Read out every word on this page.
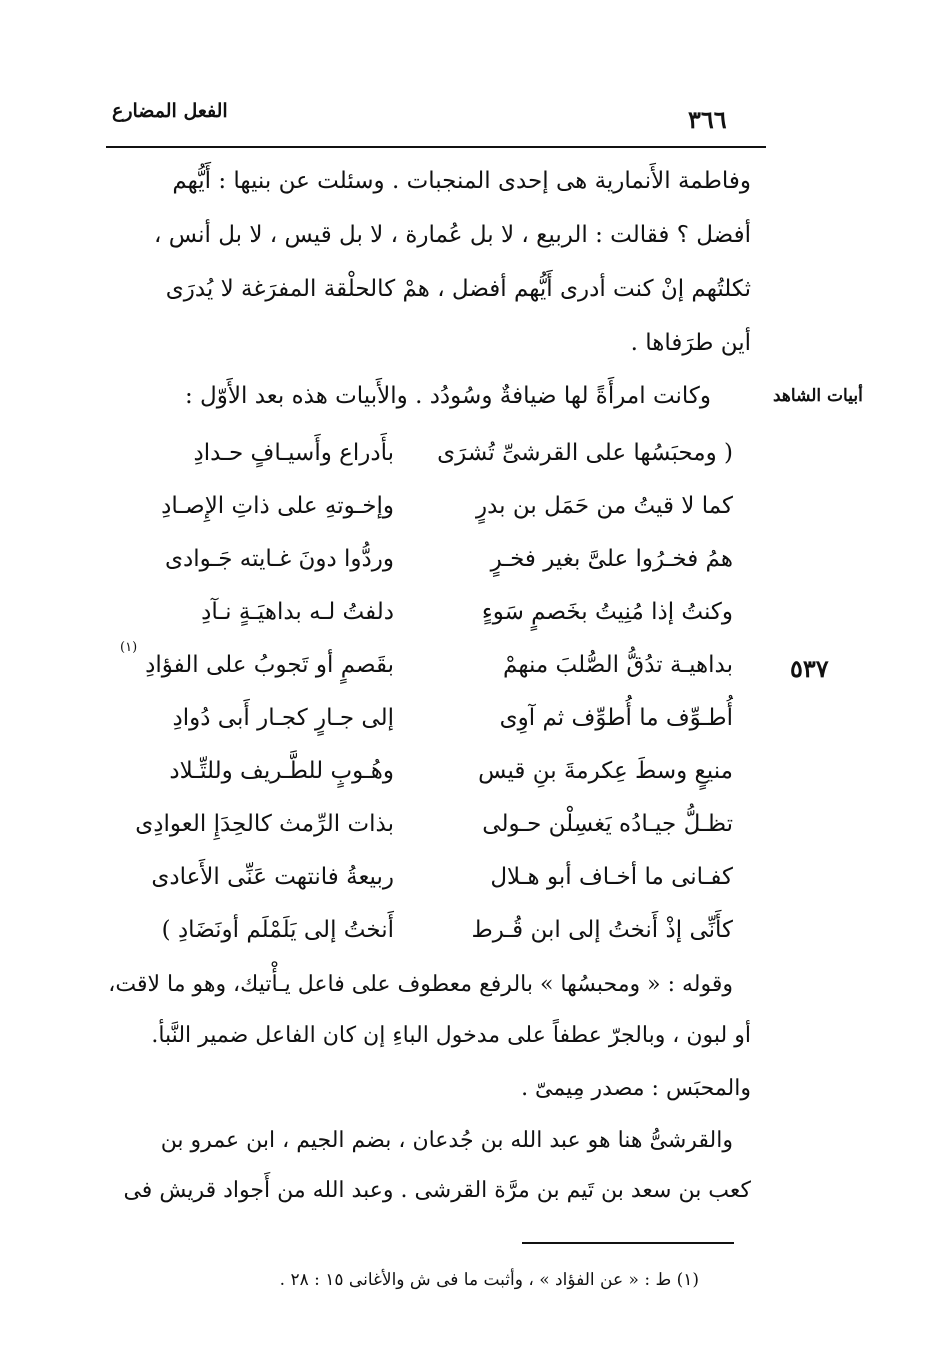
الفعل المضارع	٣٦٦
وفاطمة الأَنمارية هى إحدى المنجبات . وسئلت عن بنيها : أَيُّهم
أفضل ؟ فقالت : الربيع ، لا بل عُمارة ، لا بل قيس ، لا بل أنس ،
ثكلتُهم إنْ كنت أدرى أَيُّهم أفضل ، همْ كالحلْقة المفرَغة لا يُدرَى
أين طرَفاها .
أبيات الشاهد
وكانت امرأَةً لها ضيافةٌ وسُودُد . والأَبيات هذه بعد الأَوّل :
٥٣٧
( ومحبَسُها على القرشىِّ تُشرَى
بأَدراع وأَسيـافٍ حـدادِ
كما لا قيتُ من حَمَل بن بدرٍ
وإخـوتهِ على ذاتِ الإِصـادِ
همُ فخـرُوا علىَّ بغير فخـرٍ
وردُّوا دونَ غـايته جَـوادى
وكنتُ إذا مُنِيتُ بخَصمٍ سَوءٍ
دلفتُ لـه بداهيَـةٍ نـآدِ
بداهيـة تدُقُّ الصُّلبَ منهمْ
بقَصمٍ أو تَجوبُ على الفؤادِ
(١)
أُطـوِّف ما أُطوِّف ثم آوِى
إلى جـارٍ كجـار أَبى دُوادِ
منيعٍ وسطَ عِكرمةَ بنِ قيس
وهُـوبٍ للطَّـريف وللتِّـلاد
تظـلُّ جيـادُه يَغسِلْن حـولى
بذات الرِّمث كالحِدَإِ العوادِى
كفـانى ما أخـاف أبو هـلال
ربيعةُ فانتهت عَنِّى الأَعادى
كأَنِّى إذْ أَنختُ إلى ابن قُـرط
أَنختُ إلى يَلَمْلَم أونَضَادِ )
وقوله : « ومحبسُها » بالرفع معطوف على فاعل يـأْتيك، وهو ما لاقت،
أو لبون ، وبالجرّ عطفاً على مدخول الباءِ إن كان الفاعل ضمير النَّبأ.
والمحبَس : مصدر مِيمىّ .
والقرشىُّ هنا هو عبد الله بن جُدعان ، بضم الجيم ، ابن عمرو بن
كعب بن سعد بن تَيم بن مرَّة القرشى . وعبد الله من أَجواد قريش فى
(١) ط : « عن الفؤاد » ، وأثبت ما فى ش والأغانى ١٥ : ٢٨ .
